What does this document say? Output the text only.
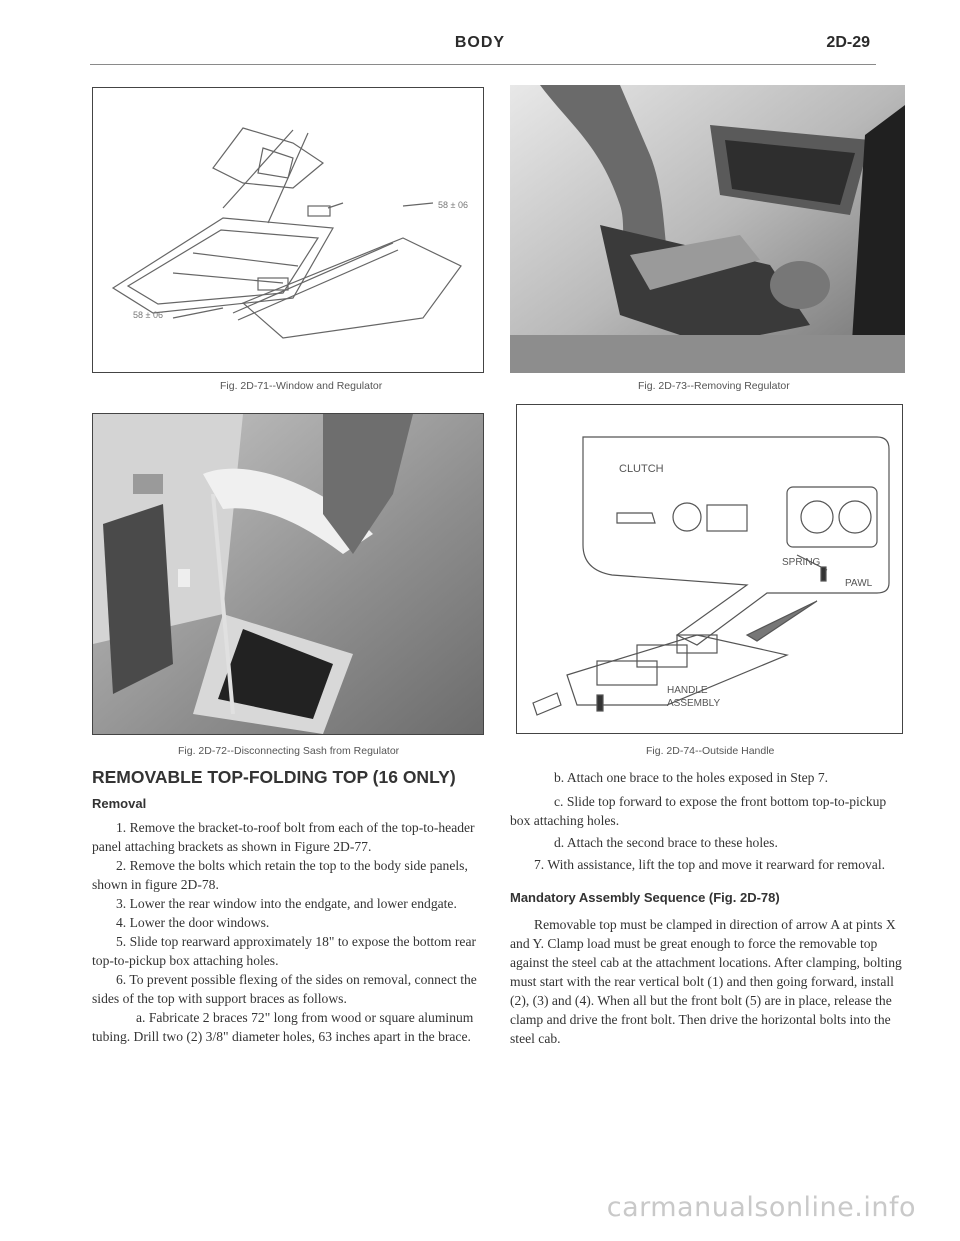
BODY	2D-29
58 ± 06
58 ± 06
Fig. 2D-71--Window and Regulator	Fig. 2D-73--Removing Regulator
Fig. 2D-72--Disconnecting Sash from Regulator
CLUTCH
SPRING
PAWL
HANDLE
ASSEMBLY
Fig. 2D-74--Outside Handle

REMOVABLE TOP-FOLDING TOP (16 ONLY)

Removal

1. Remove the bracket-to-roof bolt from each of the top-to-header panel attaching brackets as shown in Figure 2D-77.

2. Remove the bolts which retain the top to the body side panels, shown in figure 2D-78.

3. Lower the rear window into the endgate, and lower endgate.

4. Lower the door windows.

5. Slide top rearward approximately 18" to expose the bottom rear top-to-pickup box attaching holes.

6. To prevent possible flexing of the sides on removal, connect the sides of the top with support braces as follows.

a. Fabricate 2 braces 72" long from wood or square aluminum tubing. Drill two (2) 3/8" diameter holes, 63 inches apart in the brace.

b. Attach one brace to the holes exposed in Step 7.

c. Slide top forward to expose the front bottom top-to-pickup box attaching holes.

d. Attach the second brace to these holes.

7. With assistance, lift the top and move it rearward for removal.

Mandatory Assembly Sequence (Fig. 2D-78)

Removable top must be clamped in direction of arrow A at pints X and Y. Clamp load must be great enough to force the removable top against the steel cab at the attachment locations. After clamping, bolting must start with the rear vertical bolt (1) and then going forward, install (2), (3) and (4). When all but the front bolt (5) are in place, release the clamp and drive the front bolt. Then drive the horizontal bolts into the steel cab.

carmanualsonline.info
